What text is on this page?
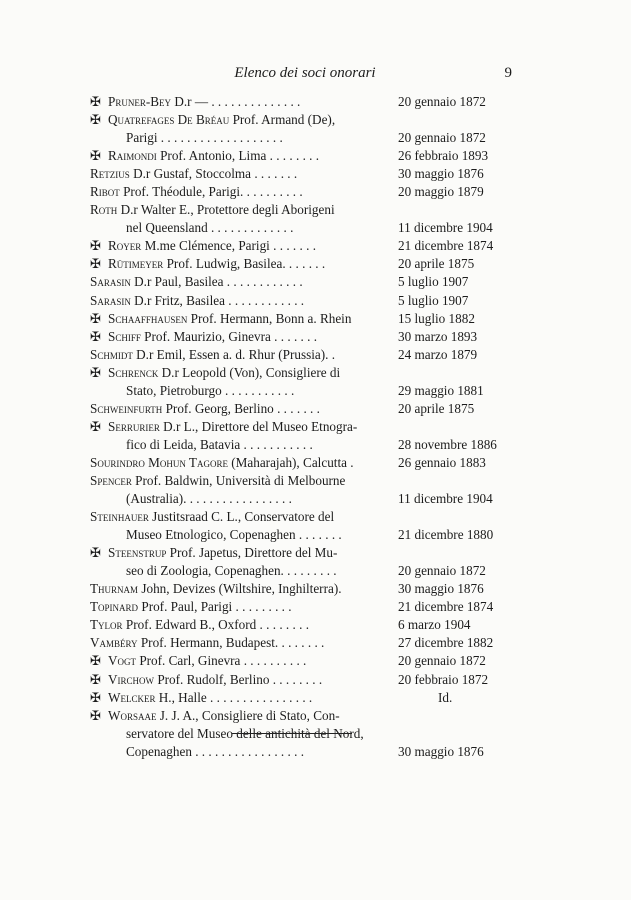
Elenco dei soci onorari	9
✠ Pruner-Bey D.r — . . . . . . . . . . . . . .	20 gennaio 1872
✠ Quatrefages De Bréau Prof. Armand (De),
Parigi . . . . . . . . . . . . . . . . . . .	20 gennaio 1872
✠ Raimondi Prof. Antonio, Lima . . . . . . . .	26 febbraio 1893
Retzius D.r Gustaf, Stoccolma . . . . . . .	30 maggio 1876
Ribot Prof. Théodule, Parigi. . . . . . . . . .	20 maggio 1879
Roth D.r Walter E., Protettore degli Aborigeni
nel Queensland . . . . . . . . . . . . .	11 dicembre 1904
✠ Royer M.me Clémence, Parigi . . . . . . .	21 dicembre 1874
✠ Rütimeyer Prof. Ludwig, Basilea. . . . . . .	20 aprile 1875
Sarasin D.r Paul, Basilea . . . . . . . . . . . .	5 luglio 1907
Sarasin D.r Fritz, Basilea . . . . . . . . . . . .	5 luglio 1907
✠ Schaaffhausen Prof. Hermann, Bonn a. Rhein	15 luglio 1882
✠ Schiff Prof. Maurizio, Ginevra . . . . . . .	30 marzo 1893
Schmidt D.r Emil, Essen a. d. Rhur (Prussia). .	24 marzo 1879
✠ Schrenck D.r Leopold (Von), Consigliere di
Stato, Pietroburgo . . . . . . . . . . .	29 maggio 1881
Schweinfurth Prof. Georg, Berlino . . . . . . .	20 aprile 1875
✠ Serrurier D.r L., Direttore del Museo Etnogra-
fico di Leida, Batavia . . . . . . . . . . .	28 novembre 1886
Sourindro Mohun Tagore (Maharajah), Calcutta .	26 gennaio 1883
Spencer Prof. Baldwin, Università di Melbourne
(Australia). . . . . . . . . . . . . . . . .	11 dicembre 1904
Steinhauer Justitsraad C. L., Conservatore del
Museo Etnologico, Copenaghen . . . . . . .	21 dicembre 1880
✠ Steenstrup Prof. Japetus, Direttore del Mu-
seo di Zoologia, Copenaghen. . . . . . . . .	20 gennaio 1872
Thurnam John, Devizes (Wiltshire, Inghilterra).	30 maggio 1876
Topinard Prof. Paul, Parigi . . . . . . . . .	21 dicembre 1874
Tylor Prof. Edward B., Oxford . . . . . . . .	6 marzo 1904
Vambéry Prof. Hermann, Budapest. . . . . . . .	27 dicembre 1882
✠ Vogt Prof. Carl, Ginevra . . . . . . . . . .	20 gennaio 1872
✠ Virchow Prof. Rudolf, Berlino . . . . . . . .	20 febbraio 1872
✠ Welcker H., Halle . . . . . . . . . . . . . . . .	Id.
✠ Worsaae J. J. A., Consigliere di Stato, Con-
servatore del Museo delle antichità del Nord,
Copenaghen . . . . . . . . . . . . . . . . .	30 maggio 1876
